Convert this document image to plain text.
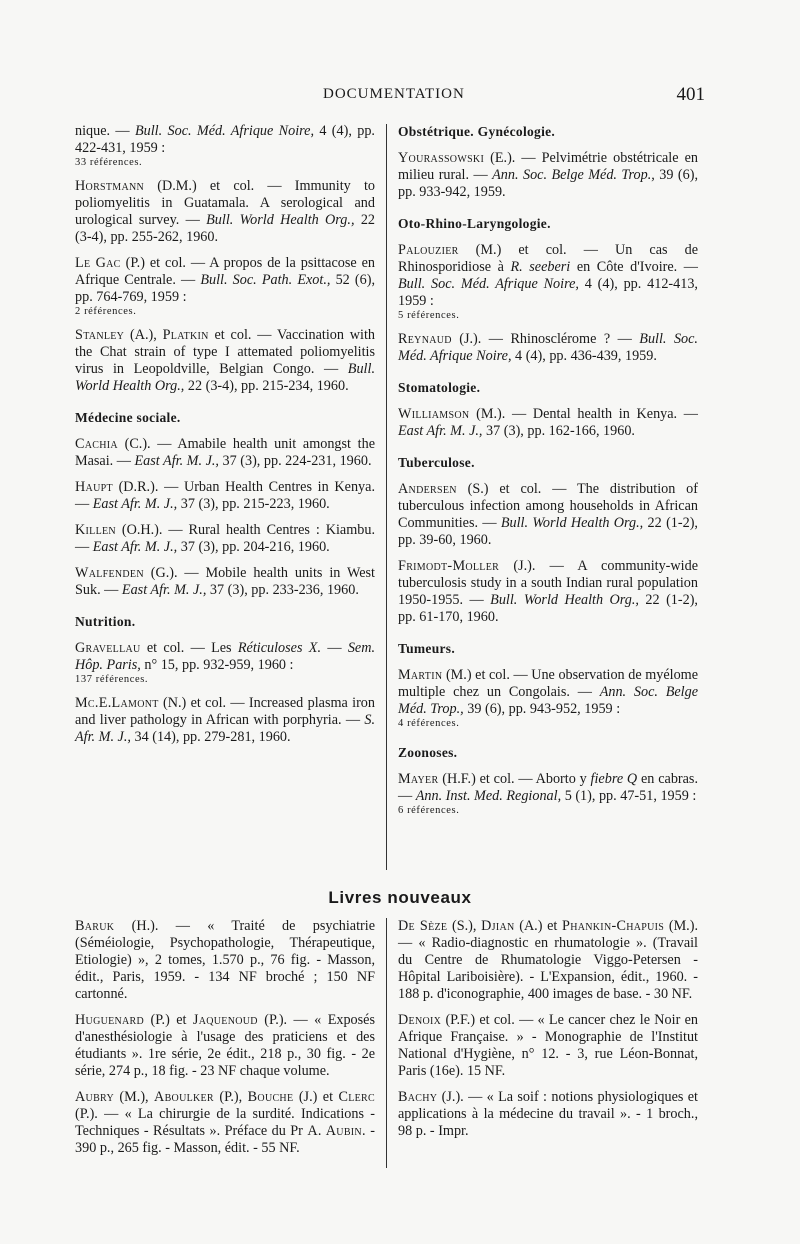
DOCUMENTATION	401

nique. — Bull. Soc. Méd. Afrique Noire, 4 (4), pp. 422-431, 1959 :
33 références.

Horstmann (D.M.) et col. — Immunity to poliomyelitis in Guatamala. A serological and urological survey. — Bull. World Health Org., 22 (3-4), pp. 255-262, 1960.

Le Gac (P.) et col. — A propos de la psittacose en Afrique Centrale. — Bull. Soc. Path. Exot., 52 (6), pp. 764-769, 1959 :
2 références.

Stanley (A.), Platkin et col. — Vaccination with the Chat strain of type I attemated poliomyelitis virus in Leopoldville, Belgian Congo. — Bull. World Health Org., 22 (3-4), pp. 215-234, 1960.

Médecine sociale.

Cachia (C.). — Amabile health unit amongst the Masai. — East Afr. M. J., 37 (3), pp. 224-231, 1960.

Haupt (D.R.). — Urban Health Centres in Kenya. — East Afr. M. J., 37 (3), pp. 215-223, 1960.

Killen (O.H.). — Rural health Centres : Kiambu. — East Afr. M. J., 37 (3), pp. 204-216, 1960.

Walfenden (G.). — Mobile health units in West Suk. — East Afr. M. J., 37 (3), pp. 233-236, 1960.

Nutrition.

Gravellau et col. — Les Réticuloses X. — Sem. Hôp. Paris, n° 15, pp. 932-959, 1960 :
137 références.

Mc.E.Lamont (N.) et col. — Increased plasma iron and liver pathology in African with porphyria. — S. Afr. M. J., 34 (14), pp. 279-281, 1960.

Obstétrique. Gynécologie.

Yourassowski (E.). — Pelvimétrie obstétricale en milieu rural. — Ann. Soc. Belge Méd. Trop., 39 (6), pp. 933-942, 1959.

Oto-Rhino-Laryngologie.

Palouzier (M.) et col. — Un cas de Rhinosporidiose à R. seeberi en Côte d'Ivoire. — Bull. Soc. Méd. Afrique Noire, 4 (4), pp. 412-413, 1959 :
5 références.

Reynaud (J.). — Rhinosclérome ? — Bull. Soc. Méd. Afrique Noire, 4 (4), pp. 436-439, 1959.

Stomatologie.

Williamson (M.). — Dental health in Kenya. — East Afr. M. J., 37 (3), pp. 162-166, 1960.

Tuberculose.

Andersen (S.) et col. — The distribution of tuberculous infection among households in African Communities. — Bull. World Health Org., 22 (1-2), pp. 39-60, 1960.

Frimodt-Moller (J.). — A community-wide tuberculosis study in a south Indian rural population 1950-1955. — Bull. World Health Org., 22 (1-2), pp. 61-170, 1960.

Tumeurs.

Martin (M.) et col. — Une observation de myélome multiple chez un Congolais. — Ann. Soc. Belge Méd. Trop., 39 (6), pp. 943-952, 1959 :
4 références.

Zoonoses.

Mayer (H.F.) et col. — Aborto y fiebre Q en cabras. — Ann. Inst. Med. Regional, 5 (1), pp. 47-51, 1959 :
6 références.

Livres nouveaux

Baruk (H.). — « Traité de psychiatrie (Séméiologie, Psychopathologie, Thérapeutique, Etiologie) », 2 tomes, 1.570 p., 76 fig. - Masson, édit., Paris, 1959. - 134 NF broché ; 150 NF cartonné.

Huguenard (P.) et Jaquenoud (P.). — « Exposés d'anesthésiologie à l'usage des praticiens et des étudiants ». 1re série, 2e édit., 218 p., 30 fig. - 2e série, 274 p., 18 fig. - 23 NF chaque volume.

Aubry (M.), Aboulker (P.), Bouche (J.) et Clerc (P.). — « La chirurgie de la surdité. Indications - Techniques - Résultats ». Préface du Pr A. Aubin. - 390 p., 265 fig. - Masson, édit. - 55 NF.

De Sèze (S.), Djian (A.) et Phankin-Chapuis (M.). — « Radio-diagnostic en rhumatologie ». (Travail du Centre de Rhumatologie Viggo-Petersen - Hôpital Lariboisière). - L'Expansion, édit., 1960. - 188 p. d'iconographie, 400 images de base. - 30 NF.

Denoix (P.F.) et col. — « Le cancer chez le Noir en Afrique Française. » - Monographie de l'Institut National d'Hygiène, n° 12. - 3, rue Léon-Bonnat, Paris (16e). 15 NF.

Bachy (J.). — « La soif : notions physiologiques et applications à la médecine du travail ». - 1 broch., 98 p. - Impr.
